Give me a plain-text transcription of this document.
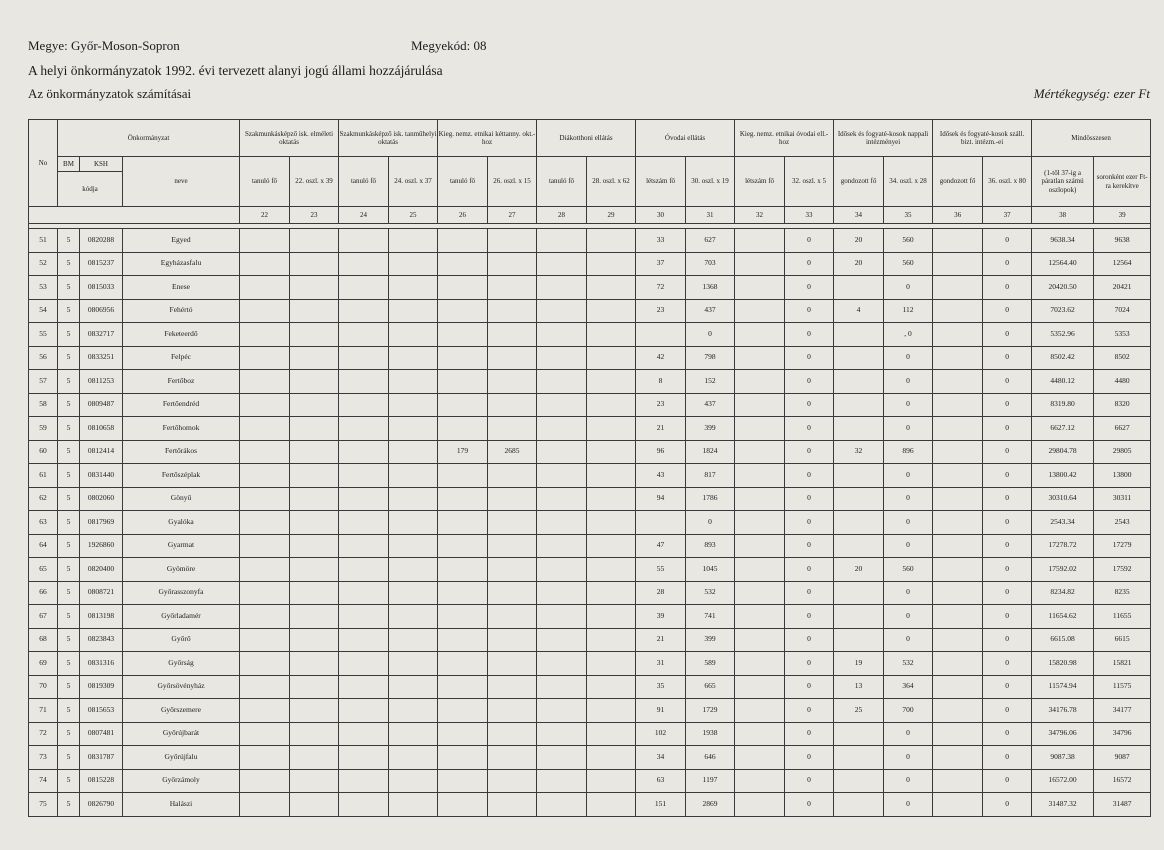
Megye: Győr-Moson-Sopron	Megyekód: 08
A helyi önkormányzatok 1992. évi tervezett alanyi jogú állami hozzájárulása
Az önkormányzatok számításai	Mértékegység: ezer Ft
No	Önkormányzat			Szakmunkásképző isk. elméleti oktatás		Szakmunkásképző isk. tanműhelyi oktatás		Kieg. nemz. etnikai kéttanny. okt.-hoz		Diákotthoni ellátás		Óvodai ellátás		Kieg. nemz. etnikai óvodai ell.-hoz		Idősek és fogyaté-kosok nappali intézményei		Idősek és fogyaté-kosok száll. bizt. intézm.-ei		Mindösszesen	
	BM	KSH	neve	tanuló fő	22. oszl. x 39	tanuló fő	24. oszl. x 37	tanuló fő	26. oszl. x 15	tanuló fő	28. oszl. x 62	létszám fő	30. oszl. x 19	létszám fő	32. oszl. x 5	gondozott fő	34. oszl. x 28	gondozott fő	36. oszl. x 80	(1-től 37-ig a páratlan számú oszlopok)	soronként ezer Ft-ra kerekítve
	kódja																				
				22	23	24	25	26	27	28	29	30	31	32	33	34	35	36	37	38	39

51	5	0820288	Egyed									33	627		0	20	560		0	9638.34	9638
52	5	0815237	Egyházasfalu									37	703		0	20	560		0	12564.40	12564
53	5	0815033	Enese									72	1368		0		0		0	20420.50	20421
54	5	0806956	Fehértó									23	437		0	4	112		0	7023.62	7024
55	5	0832717	Feketeerdő										0		0		, 0		0	5352.96	5353
56	5	0833251	Felpéc									42	798		0		0		0	8502.42	8502
57	5	0811253	Fertőboz									8	152		0		0		0	4480.12	4480
58	5	0809487	Fertőendréd									23	437		0		0		0	8319.80	8320
59	5	0810658	Fertőhomok									21	399		0		0		0	6627.12	6627
60	5	0812414	Fertőrákos					179	2685			96	1824		0	32	896		0	29804.78	29805
61	5	0831440	Fertőszéplak									43	817		0		0		0	13800.42	13800
62	5	0802060	Gönyű									94	1786		0		0		0	30310.64	30311
63	5	0817969	Gyalóka										0		0		0		0	2543.34	2543
64	5	1926860	Gyarmat									47	893		0		0		0	17278.72	17279
65	5	0820400	Gyömöre									55	1045		0	20	560		0	17592.02	17592
66	5	0808721	Győrasszonyfa									28	532		0		0		0	8234.82	8235
67	5	0813198	Győrladamér									39	741		0		0		0	11654.62	11655
68	5	0823843	Győrő									21	399		0		0		0	6615.08	6615
69	5	0831316	Győrság									31	589		0	19	532		0	15820.98	15821
70	5	0819309	Győrsövényház									35	665		0	13	364		0	11574.94	11575
71	5	0815653	Győrszemere									91	1729		0	25	700		0	34176.78	34177
72	5	0807481	Győrújbarát									102	1938		0		0		0	34796.06	34796
73	5	0831787	Győrújfalu									34	646		0		0		0	9087.38	9087
74	5	0815228	Győrzámoly									63	1197		0		0		0	16572.00	16572
75	5	0826790	Halászi									151	2869		0		0		0	31487.32	31487
